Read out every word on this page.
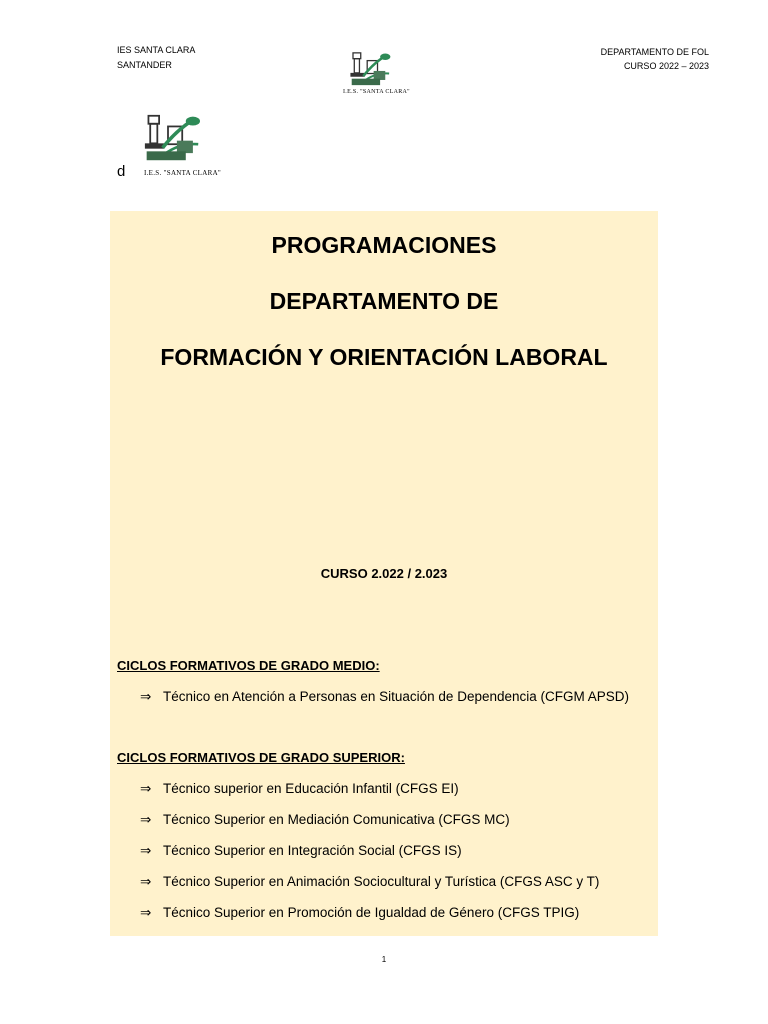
IES SANTA CLARA
SANTANDER
I.E.S. "SANTA CLARA"
DEPARTAMENTO DE FOL
CURSO 2022 – 2023
I.E.S. "SANTA CLARA"
d
PROGRAMACIONES
DEPARTAMENTO DE
FORMACIÓN Y ORIENTACIÓN LABORAL
CURSO 2.022 / 2.023
CICLOS FORMATIVOS DE GRADO MEDIO:
⇒ Técnico en Atención a Personas en Situación de Dependencia (CFGM APSD)
CICLOS FORMATIVOS DE GRADO SUPERIOR:
⇒ Técnico superior en Educación Infantil (CFGS EI)
⇒ Técnico Superior en Mediación Comunicativa (CFGS MC)
⇒ Técnico Superior en Integración Social (CFGS IS)
⇒ Técnico Superior en Animación Sociocultural y Turística (CFGS ASC y T)
⇒ Técnico Superior en Promoción de Igualdad de Género (CFGS TPIG)
1
